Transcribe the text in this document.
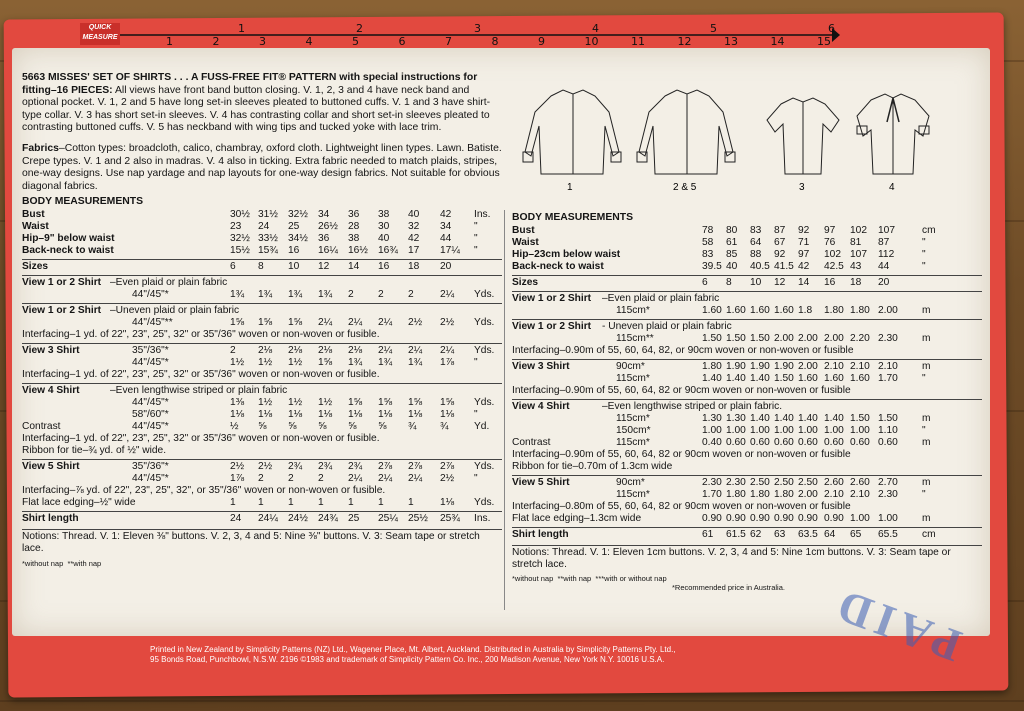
QUICK
MEASURE	1	2	3	4	5	6	7	8	9	10	11	12	13	14	15
1	2	3	4	5	6

5663 MISSES' SET OF SHIRTS . . . A FUSS-FREE FIT® PATTERN with special instructions for fitting–16 PIECES: All views have front band button closing. V. 1, 2, 3 and 4 have neck band and optional pocket. V. 1, 2 and 5 have long set-in sleeves pleated to buttoned cuffs. V. 1 and 3 have shirt-type collar. V. 3 has short set-in sleeves. V. 4 has contrasting collar and short set-in sleeves pleated to contrasting buttoned cuffs. V. 5 has neckband with wing tips and tucked yoke with lace trim.

Fabrics–Cotton types: broadcloth, calico, chambray, oxford cloth. Lightweight linen types. Lawn. Batiste. Crepe types. V. 1 and 2 also in madras. V. 4 also in ticking. Extra fabric needed to match plaids, stripes, one-way designs. Use nap yardage and nap layouts for one-way design fabrics. Not suitable for obvious diagonal fabrics.

BODY MEASUREMENTS
Bust	30½ 31½ 32½ 34 36 38 40 42 Ins.
Waist	23 24 25 26½ 28 30 32 34 "
Hip–9" below waist	32½ 33½ 34½ 36 38 40 42 44 "
Back-neck to waist	15½ 15¾ 16 16¼ 16½ 16¾ 17 17¼ "
Sizes	6 8 10 12 14 16 18 20
View 1 or 2 Shirt –Even plaid or plain fabric
44"/45"*	1¾ 1¾ 1¾ 1¾ 2 2 2	2¼ Yds.
View 1 or 2 Shirt –Uneven plaid or plain fabric
44"/45"**	1⅝ 1⅝ 1⅝ 2¼ 2¼ 2¼ 2½ 2½ Yds.
Interfacing–1 yd. of 22", 23", 25", 32" or 35"/36" woven or non-woven or fusible.
View 3 Shirt	35"/36"*	2 2⅛ 2⅛ 2⅛ 2⅛ 2¼ 2¼ 2¼ Yds.
44"/45"*	1½ 1½ 1½ 1⅝ 1¾ 1¾ 1¾ 1⅞ "
Interfacing–1 yd. of 22", 23", 25", 32" or 35"/36" woven or non-woven or fusible.
View 4 Shirt	–Even lengthwise striped or plain fabric
44"/45"*	1⅜ 1½ 1½ 1½ 1⅝ 1⅝ 1⅝ 1⅝ Yds.
58"/60"*	1⅛ 1⅛ 1⅛ 1⅛ 1⅛ 1⅛ 1⅛ 1⅛ "
Contrast	44"/45"*	½ ⅝ ⅝ ⅝ ⅝ ⅝ ¾ ¾	Yd.
Interfacing–1 yd. of 22", 23", 25", 32" or 35"/36" woven or non-woven or fusible.
Ribbon for tie–¾ yd. of ½" wide.
View 5 Shirt	35"/36"*	2½ 2½ 2¾ 2¾ 2¾ 2⅞ 2⅞ 2⅞ Yds.
44"/45"*	1⅞ 2 2 2 2¼ 2¼ 2¼ 2½ "
Interfacing–⅞ yd. of 22", 23", 25", 32", or 35"/36" woven or non-woven or fusible.
Flat lace edging–½" wide	1 1 1 1 1 1 1	1⅛ Yds.
Shirt length	24 24¼ 24½ 24¾ 25 25¼ 25½ 25¾ Ins.
Notions: Thread. V. 1: Eleven ⅜" buttons. V. 2, 3, 4 and 5: Nine ⅜" buttons. V. 3: Seam tape or stretch lace.
*without nap **with nap
1	2 & 5	3	4
BODY MEASUREMENTS
Bust	78 80 83 87 92 97 102 107	cm
Waist	58 61 64 67 71 76 81 87	"
Hip–23cm below waist	83 85 88 92 97 102 107 112	"
Back-neck to waist	39.5 40 40.5 41.5 42 42.5 43 44	"
Sizes	6 8 10 12 14 16 18 20
View 1 or 2 Shirt –Even plaid or plain fabric
115cm*	1.60 1.60 1.60 1.60 1.8 1.80 1.80 2.00 m
View 1 or 2 Shirt - Uneven plaid or plain fabric
115cm**	1.50 1.50 1.50 2.00 2.00 2.00 2.20 2.30 m
Interfacing–0.90m of 55, 60, 64, 82, or 90cm woven or non-woven or fusible
View 3 Shirt	90cm*	1.80 1.90 1.90 1.90 2.00 2.10 2.10 2.10 m
115cm*	1.40 1.40 1.40 1.50 1.60 1.60 1.60 1.70 "
Interfacing–0.90m of 55, 60, 64, 82 or 90cm woven or non-woven or fusible
View 4 Shirt	–Even lengthwise striped or plain fabric.
115cm*	1.30 1.30 1.40 1.40 1.40 1.40 1.50 1.50 m
150cm*	1.00 1.00 1.00 1.00 1.00 1.00 1.00 1.10 "
Contrast	115cm*	0.40 0.60 0.60 0.60 0.60 0.60 0.60 0.60 m
Interfacing–0.90m of 55, 60, 64, 82 or 90cm woven or non-woven or fusible
Ribbon for tie–0.70m of 1.3cm wide
View 5 Shirt	90cm*	2.30 2.30 2.50 2.50 2.50 2.60 2.60 2.70 m
115cm*	1.70 1.80 1.80 1.80 2.00 2.10 2.10 2.30 "
Interfacing–0.80m of 55, 60, 64, 82 or 90cm woven or non-woven or fusible
Flat lace edging–1.3cm wide	0.90 0.90 0.90 0.90 0.90 0.90 1.00 1.00 m
Shirt length	61 61.5 62 63 63.5 64 65 65.5 cm
Notions: Thread. V. 1: Eleven 1cm buttons. V. 2, 3, 4 and 5: Nine 1cm buttons. V. 3: Seam tape or stretch lace.
*without nap **with nap ***with or without nap
*Recommended price in Australia.
Printed in New Zealand by Simplicity Patterns (NZ) Ltd., Wagener Place, Mt. Albert, Auckland. Distributed in Australia by Simplicity Patterns Pty. Ltd.,
95 Bonds Road, Punchbowl, N.S.W. 2196 ©1983 and trademark of Simplicity Pattern Co. Inc., 200 Madison Avenue, New York N.Y. 10016 U.S.A.	PAID
